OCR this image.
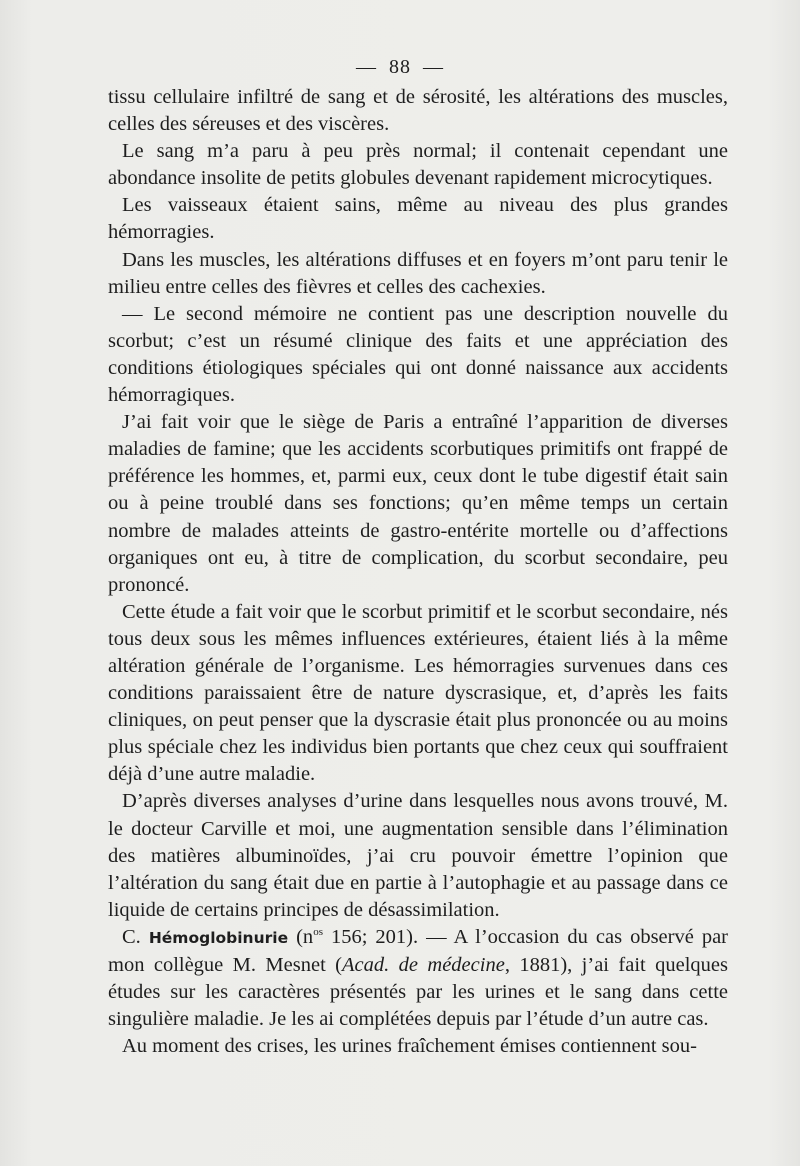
— 88 —

tissu cellulaire infiltré de sang et de sérosité, les altérations des muscles, celles des séreuses et des viscères.

Le sang m’a paru à peu près normal; il contenait cependant une abondance insolite de petits globules devenant rapidement microcytiques.

Les vaisseaux étaient sains, même au niveau des plus grandes hémorragies.

Dans les muscles, les altérations diffuses et en foyers m’ont paru tenir le milieu entre celles des fièvres et celles des cachexies.

— Le second mémoire ne contient pas une description nouvelle du scorbut; c’est un résumé clinique des faits et une appréciation des conditions étiologiques spéciales qui ont donné naissance aux accidents hémorragiques.

J’ai fait voir que le siège de Paris a entraîné l’apparition de diverses maladies de famine; que les accidents scorbutiques primitifs ont frappé de préférence les hommes, et, parmi eux, ceux dont le tube digestif était sain ou à peine troublé dans ses fonctions; qu’en même temps un certain nombre de malades atteints de gastro-entérite mortelle ou d’affections organiques ont eu, à titre de complication, du scorbut secondaire, peu prononcé.

Cette étude a fait voir que le scorbut primitif et le scorbut secondaire, nés tous deux sous les mêmes influences extérieures, étaient liés à la même altération générale de l’organisme. Les hémorragies survenues dans ces conditions paraissaient être de nature dyscrasique, et, d’après les faits cliniques, on peut penser que la dyscrasie était plus prononcée ou au moins plus spéciale chez les individus bien portants que chez ceux qui souffraient déjà d’une autre maladie.

D’après diverses analyses d’urine dans lesquelles nous avons trouvé, M. le docteur Carville et moi, une augmentation sensible dans l’élimination des matières albuminoïdes, j’ai cru pouvoir émettre l’opinion que l’altération du sang était due en partie à l’autophagie et au passage dans ce liquide de certains principes de désassimilation.

C. Hémoglobinurie ($n^{os}$ 156; 201). — A l’occasion du cas observé par mon collègue M. Mesnet (Acad. de médecine, 1881), j’ai fait quelques études sur les caractères présentés par les urines et le sang dans cette singulière maladie. Je les ai complétées depuis par l’étude d’un autre cas.

Au moment des crises, les urines fraîchement émises contiennent sou-
